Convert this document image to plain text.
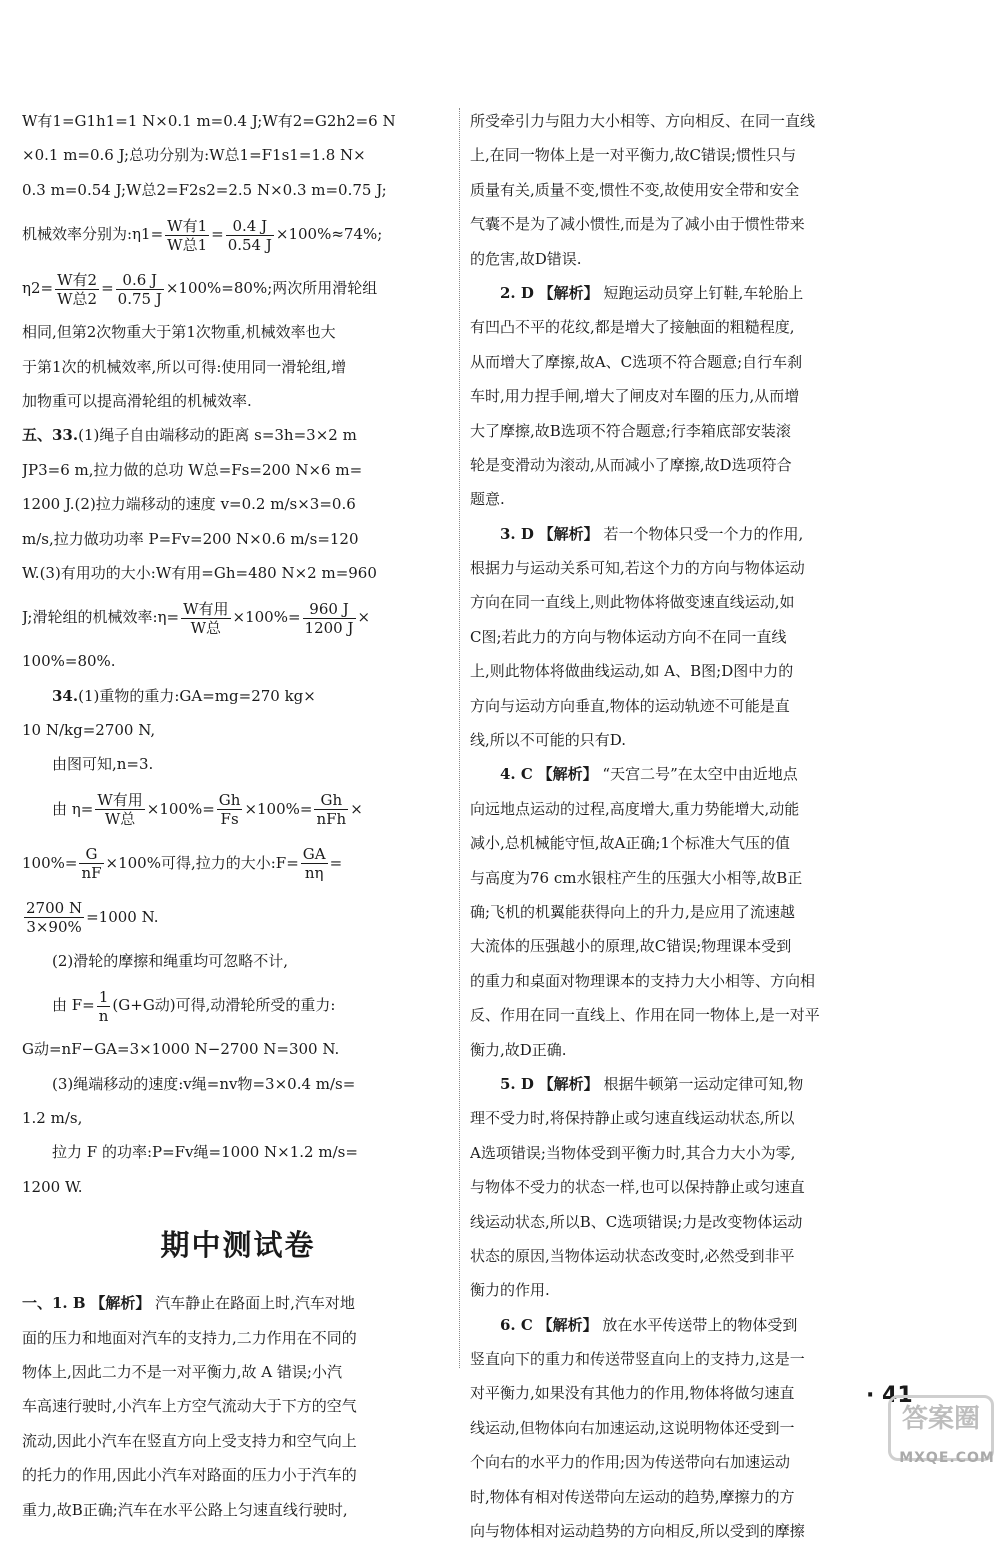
W有1=G1h1=1 N×0.1 m=0.4 J;W有2=G2h2=6 N
×0.1 m=0.6 J;总功分别为:W总1=F1s1=1.8 N×
0.3 m=0.54 J;W总2=F2s2=2.5 N×0.3 m=0.75 J;
机械效率分别为:η1= $\frac{\text{W有1}}{\text{W总1}} = \frac{0.4 J}{0.54 J} \times 100\%\approx 74\%$;
$\eta 2= \frac{\text{W有2}}{\text{W总2}} = \frac{0.6 J}{0.75 J} \times 100\%=80\%$;两次所用滑轮组
相同,但第2次物重大于第1次物重,机械效率也大
于第1次的机械效率,所以可得:使用同一滑轮组,增
加物重可以提高滑轮组的机械效率.
五、33.(1)绳子自由端移动的距离 s=3h=3×2 m
JP3=6 m,拉力做的总功 W总=Fs=200 N×6 m=
1200 J.(2)拉力端移动的速度 v=0.2 m/s×3=0.6
m/s,拉力做功功率 P=Fv=200 N×0.6 m/s=120
W.(3)有用功的大小:W有用=Gh=480 N×2 m=960
J;滑轮组的机械效率:η= $\frac{\text{W有用}}{\text{W总}} \times 100\%= \frac{960 J}{1200 J}$ ×
100%=80%.
34.(1)重物的重力:GA=mg=270 kg×
10 N/kg=2700 N,
由图可知,n=3.
由 $\eta= \frac{\text{W有用}}{\text{W总}} \times 100\%= \frac{Gh}{Fs} \times 100\%= \frac{Gh}{\text{nFh}}$ ×
$100\%= \frac{G}{nF} \times 100\%$可得,拉力的大小:F= $\frac{GA}{n\eta}$ =
$\frac{2700 N}{3\times 90\%} =1000$ N.
(2)滑轮的摩擦和绳重均可忽略不计,
由 $F= \frac{1}{n} (G+G$动)可得,动滑轮所受的重力:
G动=nF−GA=3×1000 N−2700 N=300 N.
(3)绳端移动的速度:v绳=nv物=3×0.4 m/s=
1.2 m/s,
拉力 F 的功率:P=Fv绳=1000 N×1.2 m/s=
1200 W.
期中测试卷
一、1. B 【解析】 汽车静止在路面上时,汽车对地
面的压力和地面对汽车的支持力,二力作用在不同的
物体上,因此二力不是一对平衡力,故 A 错误;小汽
车高速行驶时,小汽车上方空气流动大于下方的空气
流动,因此小汽车在竖直方向上受支持力和空气向上
的托力的作用,因此小汽车对路面的压力小于汽车的
重力,故B正确;汽车在水平公路上匀速直线行驶时,
所受牵引力与阻力大小相等、方向相反、在同一直线
上,在同一物体上是一对平衡力,故C错误;惯性只与
质量有关,质量不变,惯性不变,故使用安全带和安全
气囊不是为了减小惯性,而是为了减小由于惯性带来
的危害,故D错误.
2. D 【解析】 短跑运动员穿上钉鞋,车轮胎上
有凹凸不平的花纹,都是增大了接触面的粗糙程度,
从而增大了摩擦,故A、C选项不符合题意;自行车刹
车时,用力捏手闸,增大了闸皮对车圈的压力,从而增
大了摩擦,故B选项不符合题意;行李箱底部安装滚
轮是变滑动为滚动,从而减小了摩擦,故D选项符合
题意.
3. D 【解析】 若一个物体只受一个力的作用,
根据力与运动关系可知,若这个力的方向与物体运动
方向在同一直线上,则此物体将做变速直线运动,如
C图;若此力的方向与物体运动方向不在同一直线
上,则此物体将做曲线运动,如 A、B图;D图中力的
方向与运动方向垂直,物体的运动轨迹不可能是直
线,所以不可能的只有D.
4. C 【解析】 “天宫二号”在太空中由近地点
向远地点运动的过程,高度增大,重力势能增大,动能
减小,总机械能守恒,故A正确;1个标准大气压的值
与高度为76 cm水银柱产生的压强大小相等,故B正
确;飞机的机翼能获得向上的升力,是应用了流速越
大流体的压强越小的原理,故C错误;物理课本受到
的重力和桌面对物理课本的支持力大小相等、方向相
反、作用在同一直线上、作用在同一物体上,是一对平
衡力,故D正确.
5. D 【解析】 根据牛顿第一运动定律可知,物
理不受力时,将保持静止或匀速直线运动状态,所以
A选项错误;当物体受到平衡力时,其合力大小为零,
与物体不受力的状态一样,也可以保持静止或匀速直
线运动状态,所以B、C选项错误;力是改变物体运动
状态的原因,当物体运动状态改变时,必然受到非平
衡力的作用.
6. C 【解析】 放在水平传送带上的物体受到
竖直向下的重力和传送带竖直向上的支持力,这是一
对平衡力,如果没有其他力的作用,物体将做匀速直
线运动,但物体向右加速运动,这说明物体还受到一
个向右的水平力的作用;因为传送带向右加速运动
时,物体有相对传送带向左运动的趋势,摩擦力的方
向与物体相对运动趋势的方向相反,所以受到的摩擦
· 41
答案圈
MXQE.COM
